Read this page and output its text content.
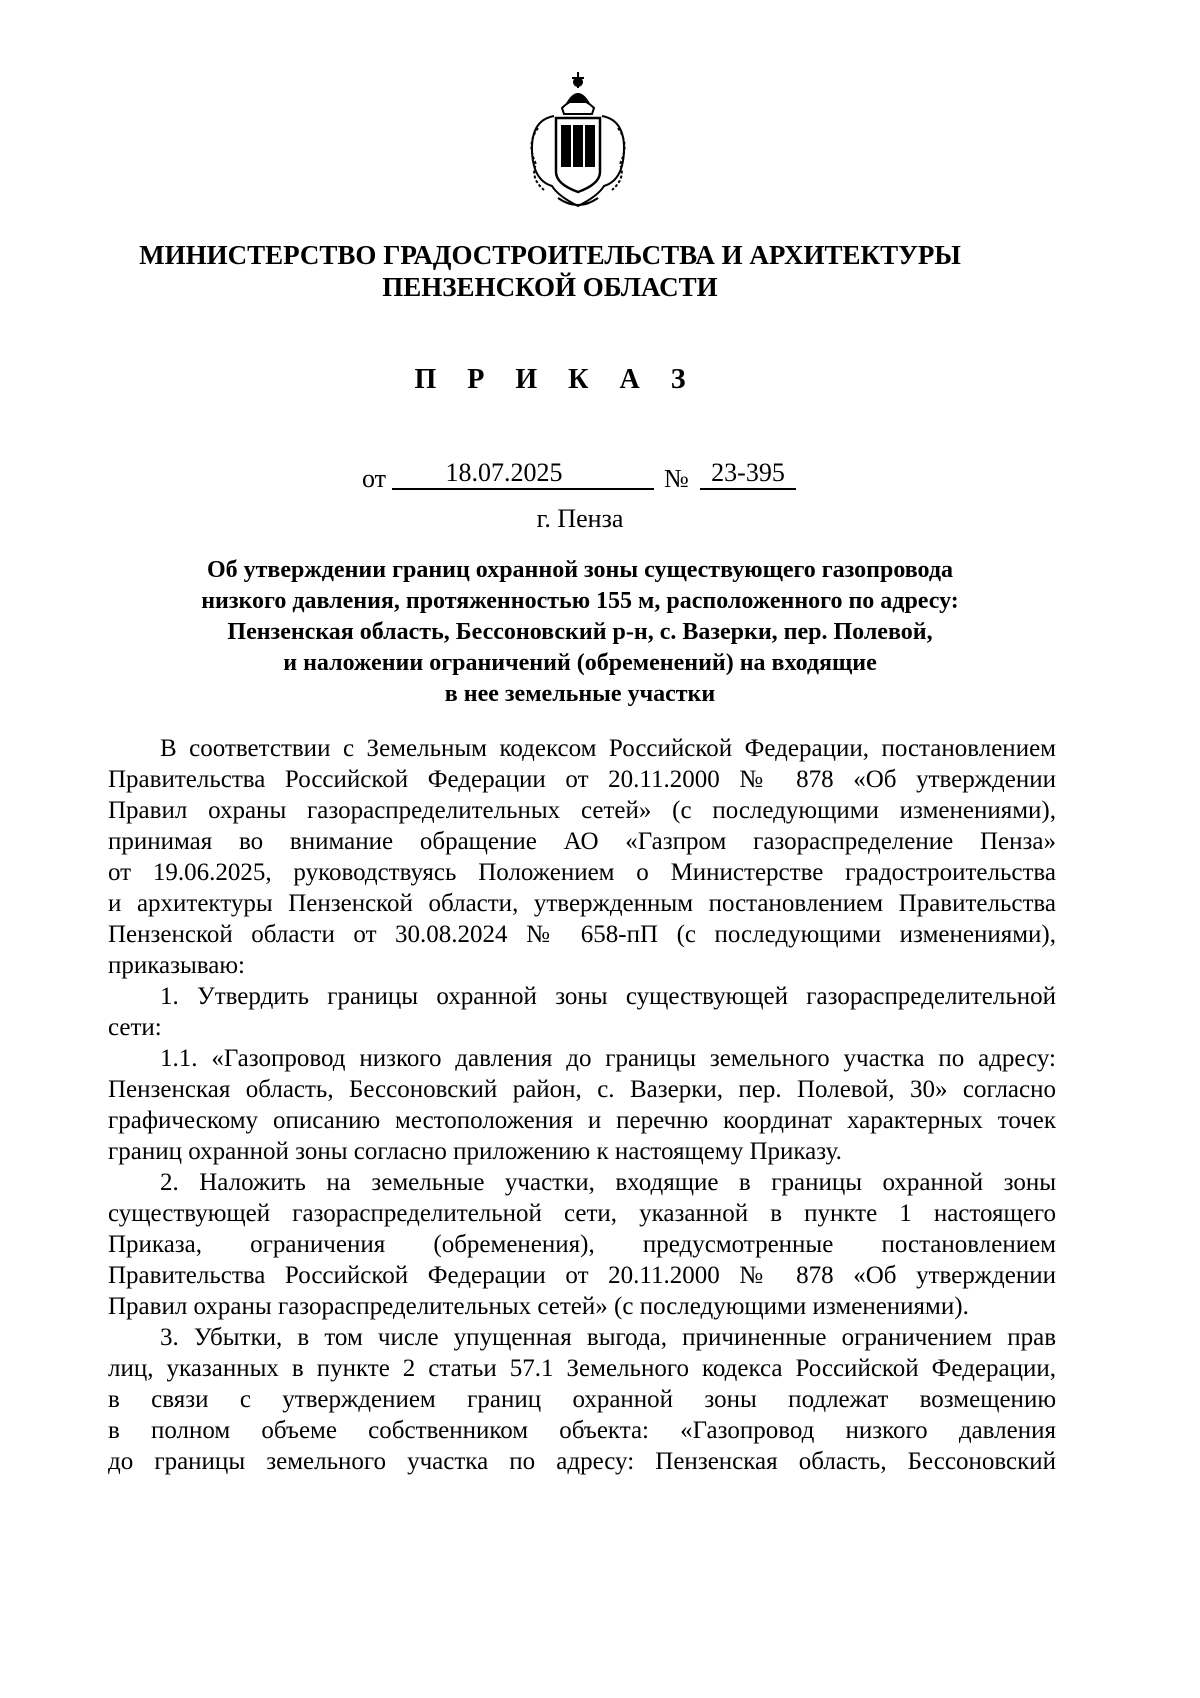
МИНИСТЕРСТВО ГРАДОСТРОИТЕЛЬСТВА И АРХИТЕКТУРЫ
ПЕНЗЕНСКОЙ ОБЛАСТИ
П Р И К А З
от	18.07.2025	№ 23-395
г. Пенза
Об утверждении границ охранной зоны существующего газопровода
низкого давления, протяженностью 155 м, расположенного по адресу:
Пензенская область, Бессоновский р-н, с. Вазерки, пер. Полевой,
и наложении ограничений (обременений) на входящие
в нее земельные участки
В соответствии с Земельным кодексом Российской Федерации, постановлением
Правительства Российской Федерации от 20.11.2000 № 878 «Об утверждении
Правил охраны газораспределительных сетей» (с последующими изменениями),
принимая во внимание обращение АО «Газпром газораспределение Пенза»
от 19.06.2025, руководствуясь Положением о Министерстве градостроительства
и архитектуры Пензенской области, утвержденным постановлением Правительства
Пензенской области от 30.08.2024 № 658-пП (с последующими изменениями),
приказываю:
1. Утвердить границы охранной зоны существующей газораспределительной
сети:
1.1. «Газопровод низкого давления до границы земельного участка по адресу:
Пензенская область, Бессоновский район, с. Вазерки, пер. Полевой, 30» согласно
графическому описанию местоположения и перечню координат характерных точек
границ охранной зоны согласно приложению к настоящему Приказу.
2. Наложить на земельные участки, входящие в границы охранной зоны
существующей газораспределительной сети, указанной в пункте 1 настоящего
Приказа, ограничения (обременения), предусмотренные постановлением
Правительства Российской Федерации от 20.11.2000 № 878 «Об утверждении
Правил охраны газораспределительных сетей» (с последующими изменениями).
3. Убытки, в том числе упущенная выгода, причиненные ограничением прав
лиц, указанных в пункте 2 статьи 57.1 Земельного кодекса Российской Федерации,
в связи с утверждением границ охранной зоны подлежат возмещению
в полном объеме собственником объекта: «Газопровод низкого давления
до границы земельного участка по адресу: Пензенская область, Бессоновский
